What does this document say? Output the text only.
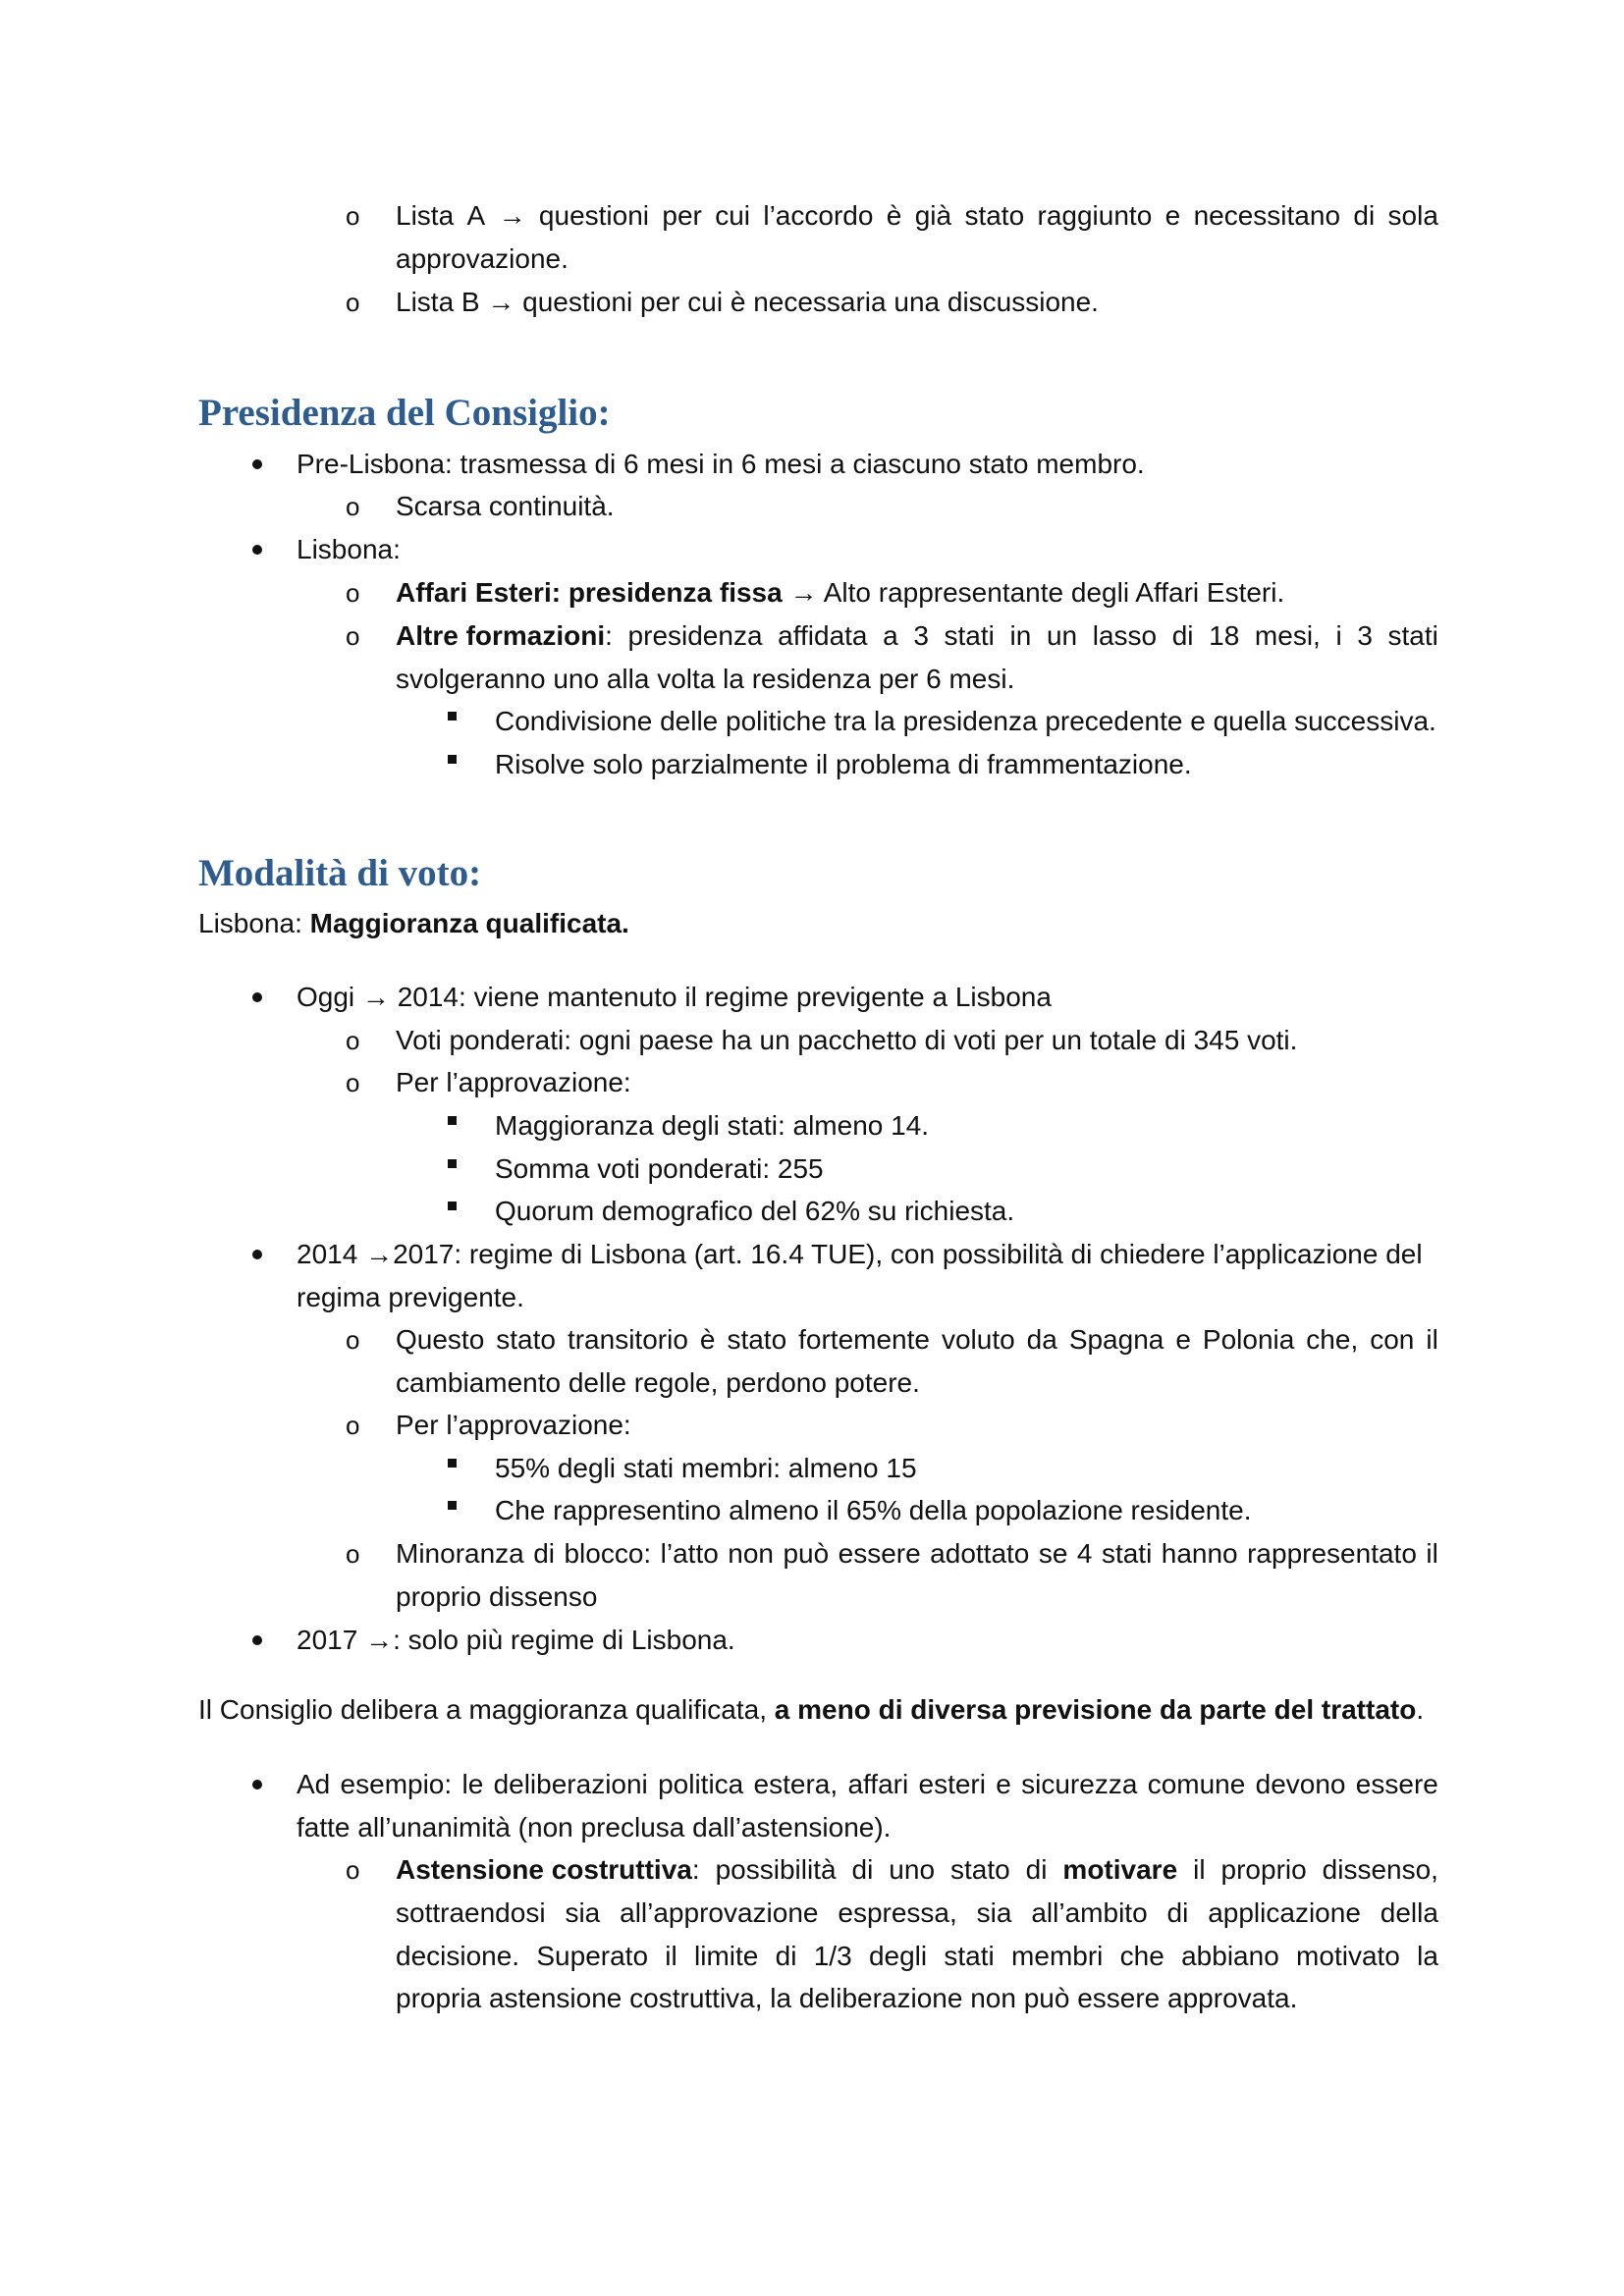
o Lista A → questioni per cui l’accordo è già stato raggiunto e necessitano di sola
approvazione.
o Lista B → questioni per cui è necessaria una discussione.
Presidenza del Consiglio:
Pre-Lisbona: trasmessa di 6 mesi in 6 mesi a ciascuno stato membro.
o Scarsa continuità.
Lisbona:
o Affari Esteri: presidenza fissa → Alto rappresentante degli Affari Esteri.
o Altre formazioni: presidenza affidata a 3 stati in un lasso di 18 mesi, i 3 stati
svolgeranno uno alla volta la residenza per 6 mesi.
Condivisione delle politiche tra la presidenza precedente e quella successiva.
Risolve solo parzialmente il problema di frammentazione.
Modalità di voto:
Lisbona: Maggioranza qualificata.
Oggi → 2014: viene mantenuto il regime previgente a Lisbona
o Voti ponderati: ogni paese ha un pacchetto di voti per un totale di 345 voti.
o Per l’approvazione:
Maggioranza degli stati: almeno 14.
Somma voti ponderati: 255
Quorum demografico del 62% su richiesta.
2014 →2017: regime di Lisbona (art. 16.4 TUE), con possibilità di chiedere l’applicazione del
regima previgente.
o Questo stato transitorio è stato fortemente voluto da Spagna e Polonia che, con il
cambiamento delle regole, perdono potere.
o Per l’approvazione:
55% degli stati membri: almeno 15
Che rappresentino almeno il 65% della popolazione residente.
o Minoranza di blocco: l’atto non può essere adottato se 4 stati hanno rappresentato il
proprio dissenso
2017 →: solo più regime di Lisbona.
Il Consiglio delibera a maggioranza qualificata, a meno di diversa previsione da parte del trattato.
Ad esempio: le deliberazioni politica estera, affari esteri e sicurezza comune devono essere
fatte all’unanimità (non preclusa dall’astensione).
o Astensione costruttiva: possibilità di uno stato di motivare il proprio dissenso,
sottraendosi sia all’approvazione espressa, sia all’ambito di applicazione della
decisione. Superato il limite di 1/3 degli stati membri che abbiano motivato la
propria astensione costruttiva, la deliberazione non può essere approvata.
